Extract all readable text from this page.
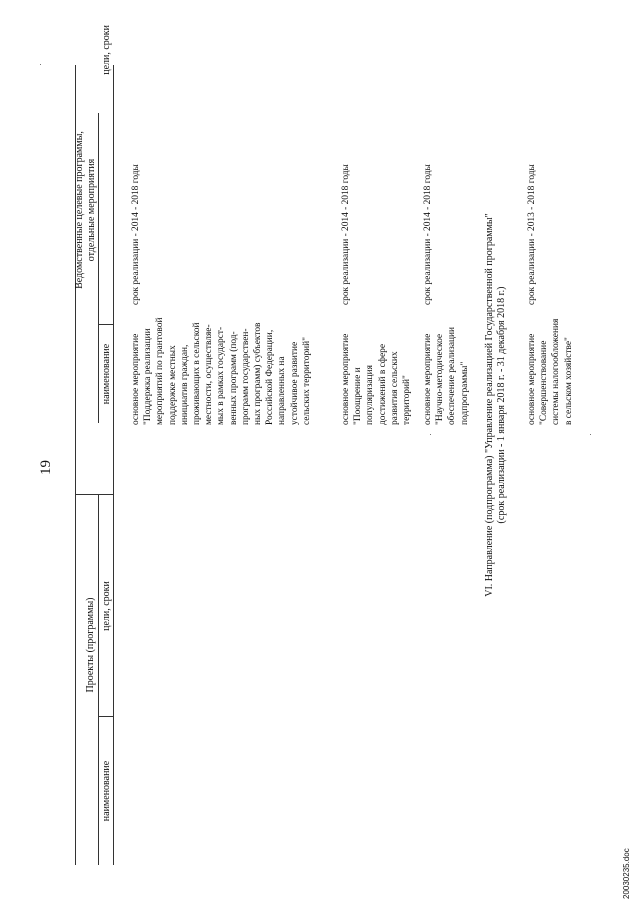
19
20030235.doc
Проекты (программы)
наименование
цели, сроки
Ведомственные целевые программы, отдельные мероприятия
наименование
цели, сроки
основное мероприятие "Поддержка реализации мероприятий по грантовой поддержке местных инициатив граждан, проживающих в сельской местности, осуществляе- мых в рамках государст- венных программ (под- программ государствен- ных программ) субъектов Российской Федерации, направленных на устойчивое развитие сельских территорий"
срок реализации - 2014 - 2018 годы
основное мероприятие "Поощрение и популяризация достижений в сфере развития сельских территорий"
срок реализации - 2014 - 2018 годы
основное мероприятие "Научно-методическое обеспечение реализации подпрограммы"
срок реализации - 2014 - 2018 годы	VI. Направление (подпрограмма) "Управление реализацией Государственной программы" (срок реализации - 1 января 2018 г. - 31 декабря 2018 г.) основное мероприятие "Совершенствование системы налогообложения в сельском хозяйстве"
срок реализации - 2013 - 2018 годы
